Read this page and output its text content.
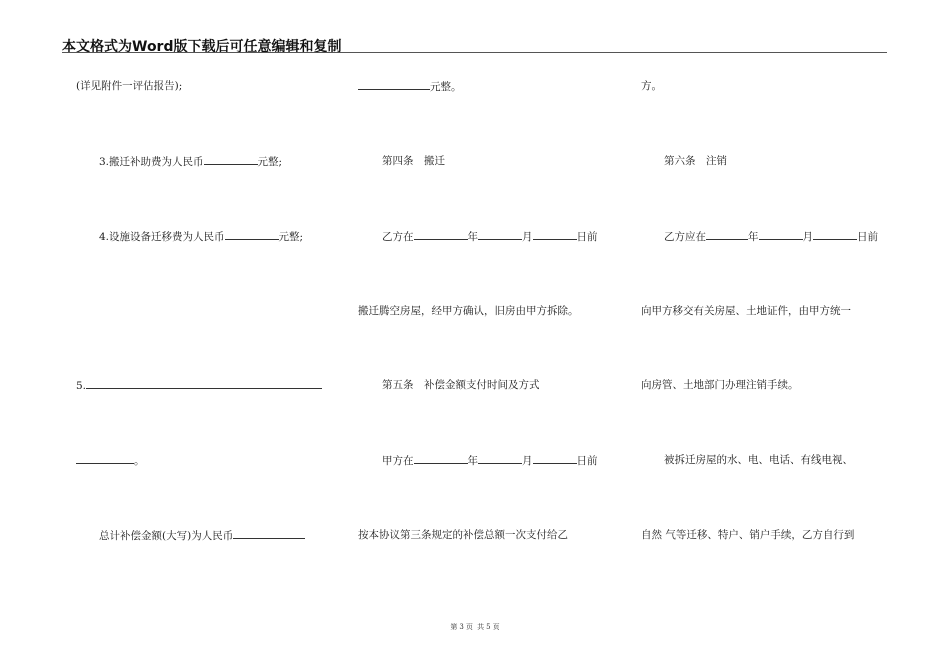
本文格式为Word版下载后可任意编辑和复制
(详见附件一评估报告);
3.搬迁补助费为人民币	元整;
4.设施设备迁移费为人民币	元整;
5.
。
总计补偿金额(大写)为人民币
元整。
第四条　搬迁
乙方在	年	月	日前
搬迁腾空房屋，经甲方确认，旧房由甲方拆除。
第五条　补偿金额支付时间及方式
甲方在	年	月	日前
按本协议第三条规定的补偿总额一次支付给乙
方。
第六条　注销
乙方应在	年	月	日前
向甲方移交有关房屋、土地证件，由甲方统一
向房管、土地部门办理注销手续。
被拆迁房屋的水、电、电话、有线电视、
自然 气等迁移、特户、销户手续，乙方自行到
第 3 页 共 5 页
